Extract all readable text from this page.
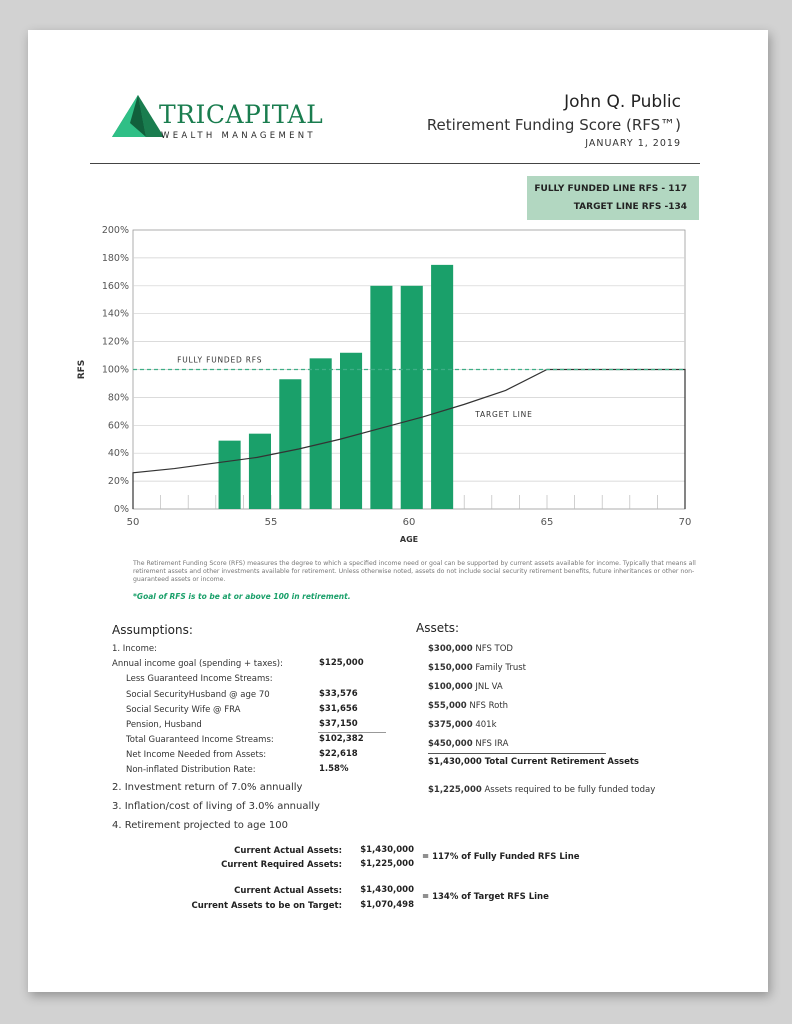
TRICAPITAL
WEALTH MANAGEMENT
John Q. Public
Retirement Funding Score (RFS™)
JANUARY 1, 2019
FULLY FUNDED LINE RFS - 117
TARGET LINE RFS -134
0%
20%
40%
60%
80%
100%
120%
140%
160%
180%
200%
50	55	60	65	70
TARGET LINE
FULLY FUNDED RFS
AGE
RFS
The Retirement Funding Score (RFS) measures the degree to which a specified income need or goal can be supported by current assets available for income. Typically that means all retirement assets and other investments available for retirement. Unless otherwise noted, assets do not include social security retirement benefits, future inheritances or other non-guaranteed assets or income.
*Goal of RFS is to be at or above 100 in retirement.
Assumptions:
1. Income:
Annual income goal (spending + taxes):	$125,000
Less Guaranteed Income Streams:
Social SecurityHusband @ age 70	$33,576
Social Security Wife @ FRA	$31,656
Pension, Husband	$37,150
Total Guaranteed Income Streams:	$102,382
Net Income Needed from Assets:	$22,618
Non-inflated Distribution Rate:	1.58%
2. Investment return of 7.0% annually
3. Inflation/cost of living of 3.0% annually
4. Retirement projected to age 100
Assets:
$300,000 NFS TOD
$150,000 Family Trust
$100,000 JNL VA
$55,000 NFS Roth
$375,000 401k
$450,000 NFS IRA
$1,430,000 Total Current Retirement Assets
$1,225,000 Assets required to be fully funded today
Current Actual Assets: $1,430,000
Current Required Assets: $1,225,000
= 117% of Fully Funded RFS Line
Current Actual Assets: $1,430,000
Current Assets to be on Target: $1,070,498
= 134% of Target RFS Line
